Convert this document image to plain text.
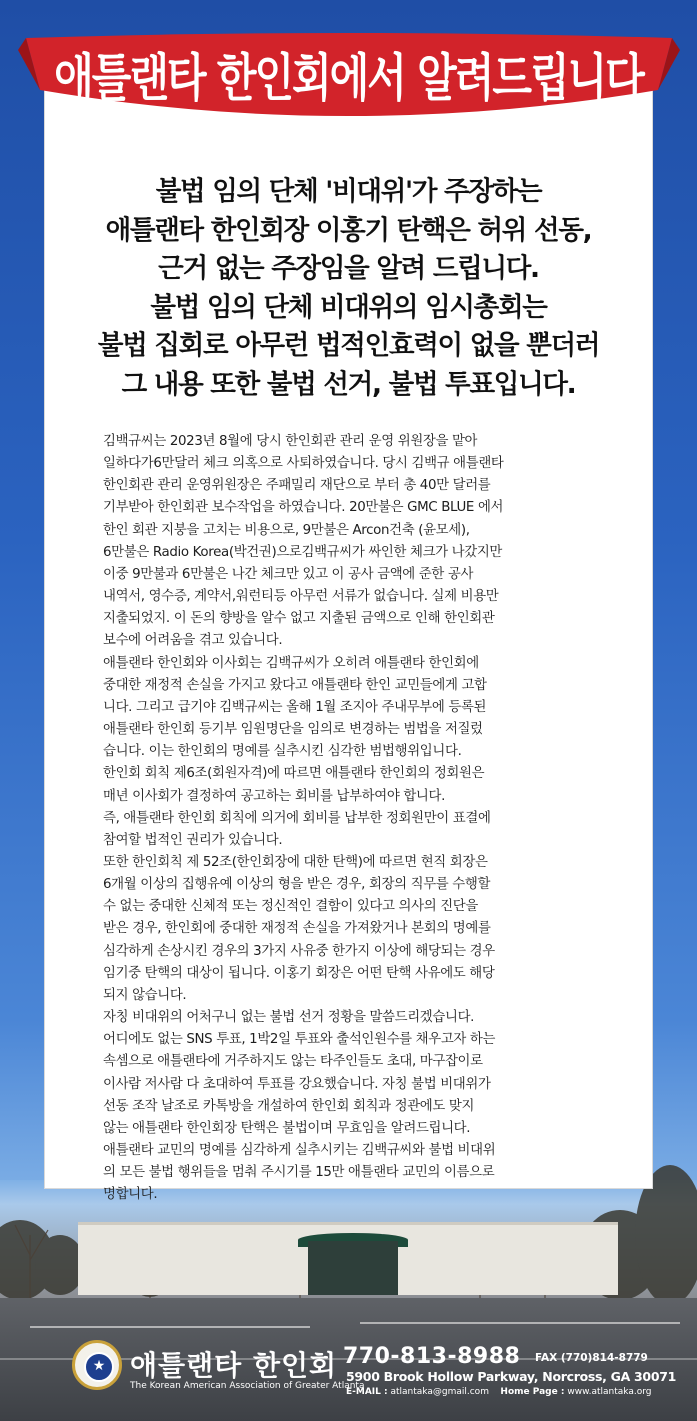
애틀랜타 한인회에서 알려드립니다
불법 임의 단체 '비대위'가 주장하는
애틀랜타 한인회장 이홍기 탄핵은 허위 선동,
근거 없는 주장임을 알려 드립니다.
불법 임의 단체 비대위의 임시총회는
불법 집회로 아무런 법적인효력이 없을 뿐더러
그 내용 또한 불법 선거, 불법 투표입니다.
김백규씨는 2023년 8월에 당시 한인회관 관리 운영 위원장을 맡아
일하다가6만달러 체크 의혹으로 사퇴하였습니다. 당시 김백규 애틀랜타
한인회관 관리 운영위원장은 주패밀리 재단으로 부터 총 40만 달러를
기부받아 한인회관 보수작업을 하였습니다. 20만불은 GMC BLUE 에서
한인 회관 지붕을 고치는 비용으로, 9만불은 Arcon건축 (윤모세),
6만불은 Radio Korea(박건권)으로김백규씨가 싸인한 체크가 나갔지만
이중 9만불과 6만불은 나간 체크만 있고 이 공사 금액에 준한 공사
내역서, 영수증, 계약서,워런티등 아무런 서류가 없습니다. 실제 비용만
지출되었지. 이 돈의 향방을 알수 없고 지출된 금액으로 인해 한인회관
보수에 어려움을 겪고 있습니다.
애틀랜타 한인회와 이사회는 김백규씨가 오히려 애틀랜타 한인회에
중대한 재정적 손실을 가지고 왔다고 애틀랜타 한인 교민들에게 고합
니다. 그리고 급기야 김백규씨는 올해 1월 조지아 주내무부에 등록된
애틀랜타 한인회 등기부 임원명단을 임의로 변경하는 범법을 저질렀
습니다. 이는 한인회의 명예를 실추시킨 심각한 범법행위입니다.
한인회 회칙 제6조(회원자격)에 따르면 애틀랜타 한인회의 정회원은
매년 이사회가 결정하여 공고하는 회비를 납부하여야 합니다.
즉, 애틀랜타 한인회 회칙에 의거에 회비를 납부한 정회원만이 표결에
참여할 법적인 권리가 있습니다.
또한 한인회칙 제 52조(한인회장에 대한 탄핵)에 따르면 현직 회장은
6개월 이상의 집행유예 이상의 형을 받은 경우, 회장의 직무를 수행할
수 없는 중대한 신체적 또는 정신적인 결함이 있다고 의사의 진단을
받은 경우, 한인회에 중대한 재정적 손실을 가져왔거나 본회의 명예를
심각하게 손상시킨 경우의 3가지 사유중 한가지 이상에 해당되는 경우
임기중 탄핵의 대상이 됩니다. 이홍기 회장은 어떤 탄핵 사유에도 해당
되지 않습니다.
자칭 비대위의 어처구니 없는 불법 선거 정황을 말씀드리겠습니다.
어디에도 없는 SNS 투표, 1박2일 투표와 출석인원수를 채우고자 하는
속셈으로 애틀랜타에 거주하지도 않는 타주인들도 초대, 마구잡이로
이사람 저사람 다 초대하여 투표를 강요했습니다. 자칭 불법 비대위가
선동 조작 날조로 카톡방을 개설하여 한인회 회칙과 정관에도 맞지
않는 애틀랜타 한인회장 탄핵은 불법이며 무효임을 알려드립니다.
애틀랜타 교민의 명예를 심각하게 실추시키는 김백규씨와 불법 비대위
의 모든 불법 행위들을 멈춰 주시기를 15만 애틀랜타 교민의 이름으로
명합니다.
★ 애틀랜타 한인회
The Korean American Association of Greater Atlanta
770-813-8988 FAX (770)814-8779
5900 Brook Hollow Parkway, Norcross, GA 30071
E-MAIL : atlantaka@gmail.com Home Page : www.atlantaka.org
